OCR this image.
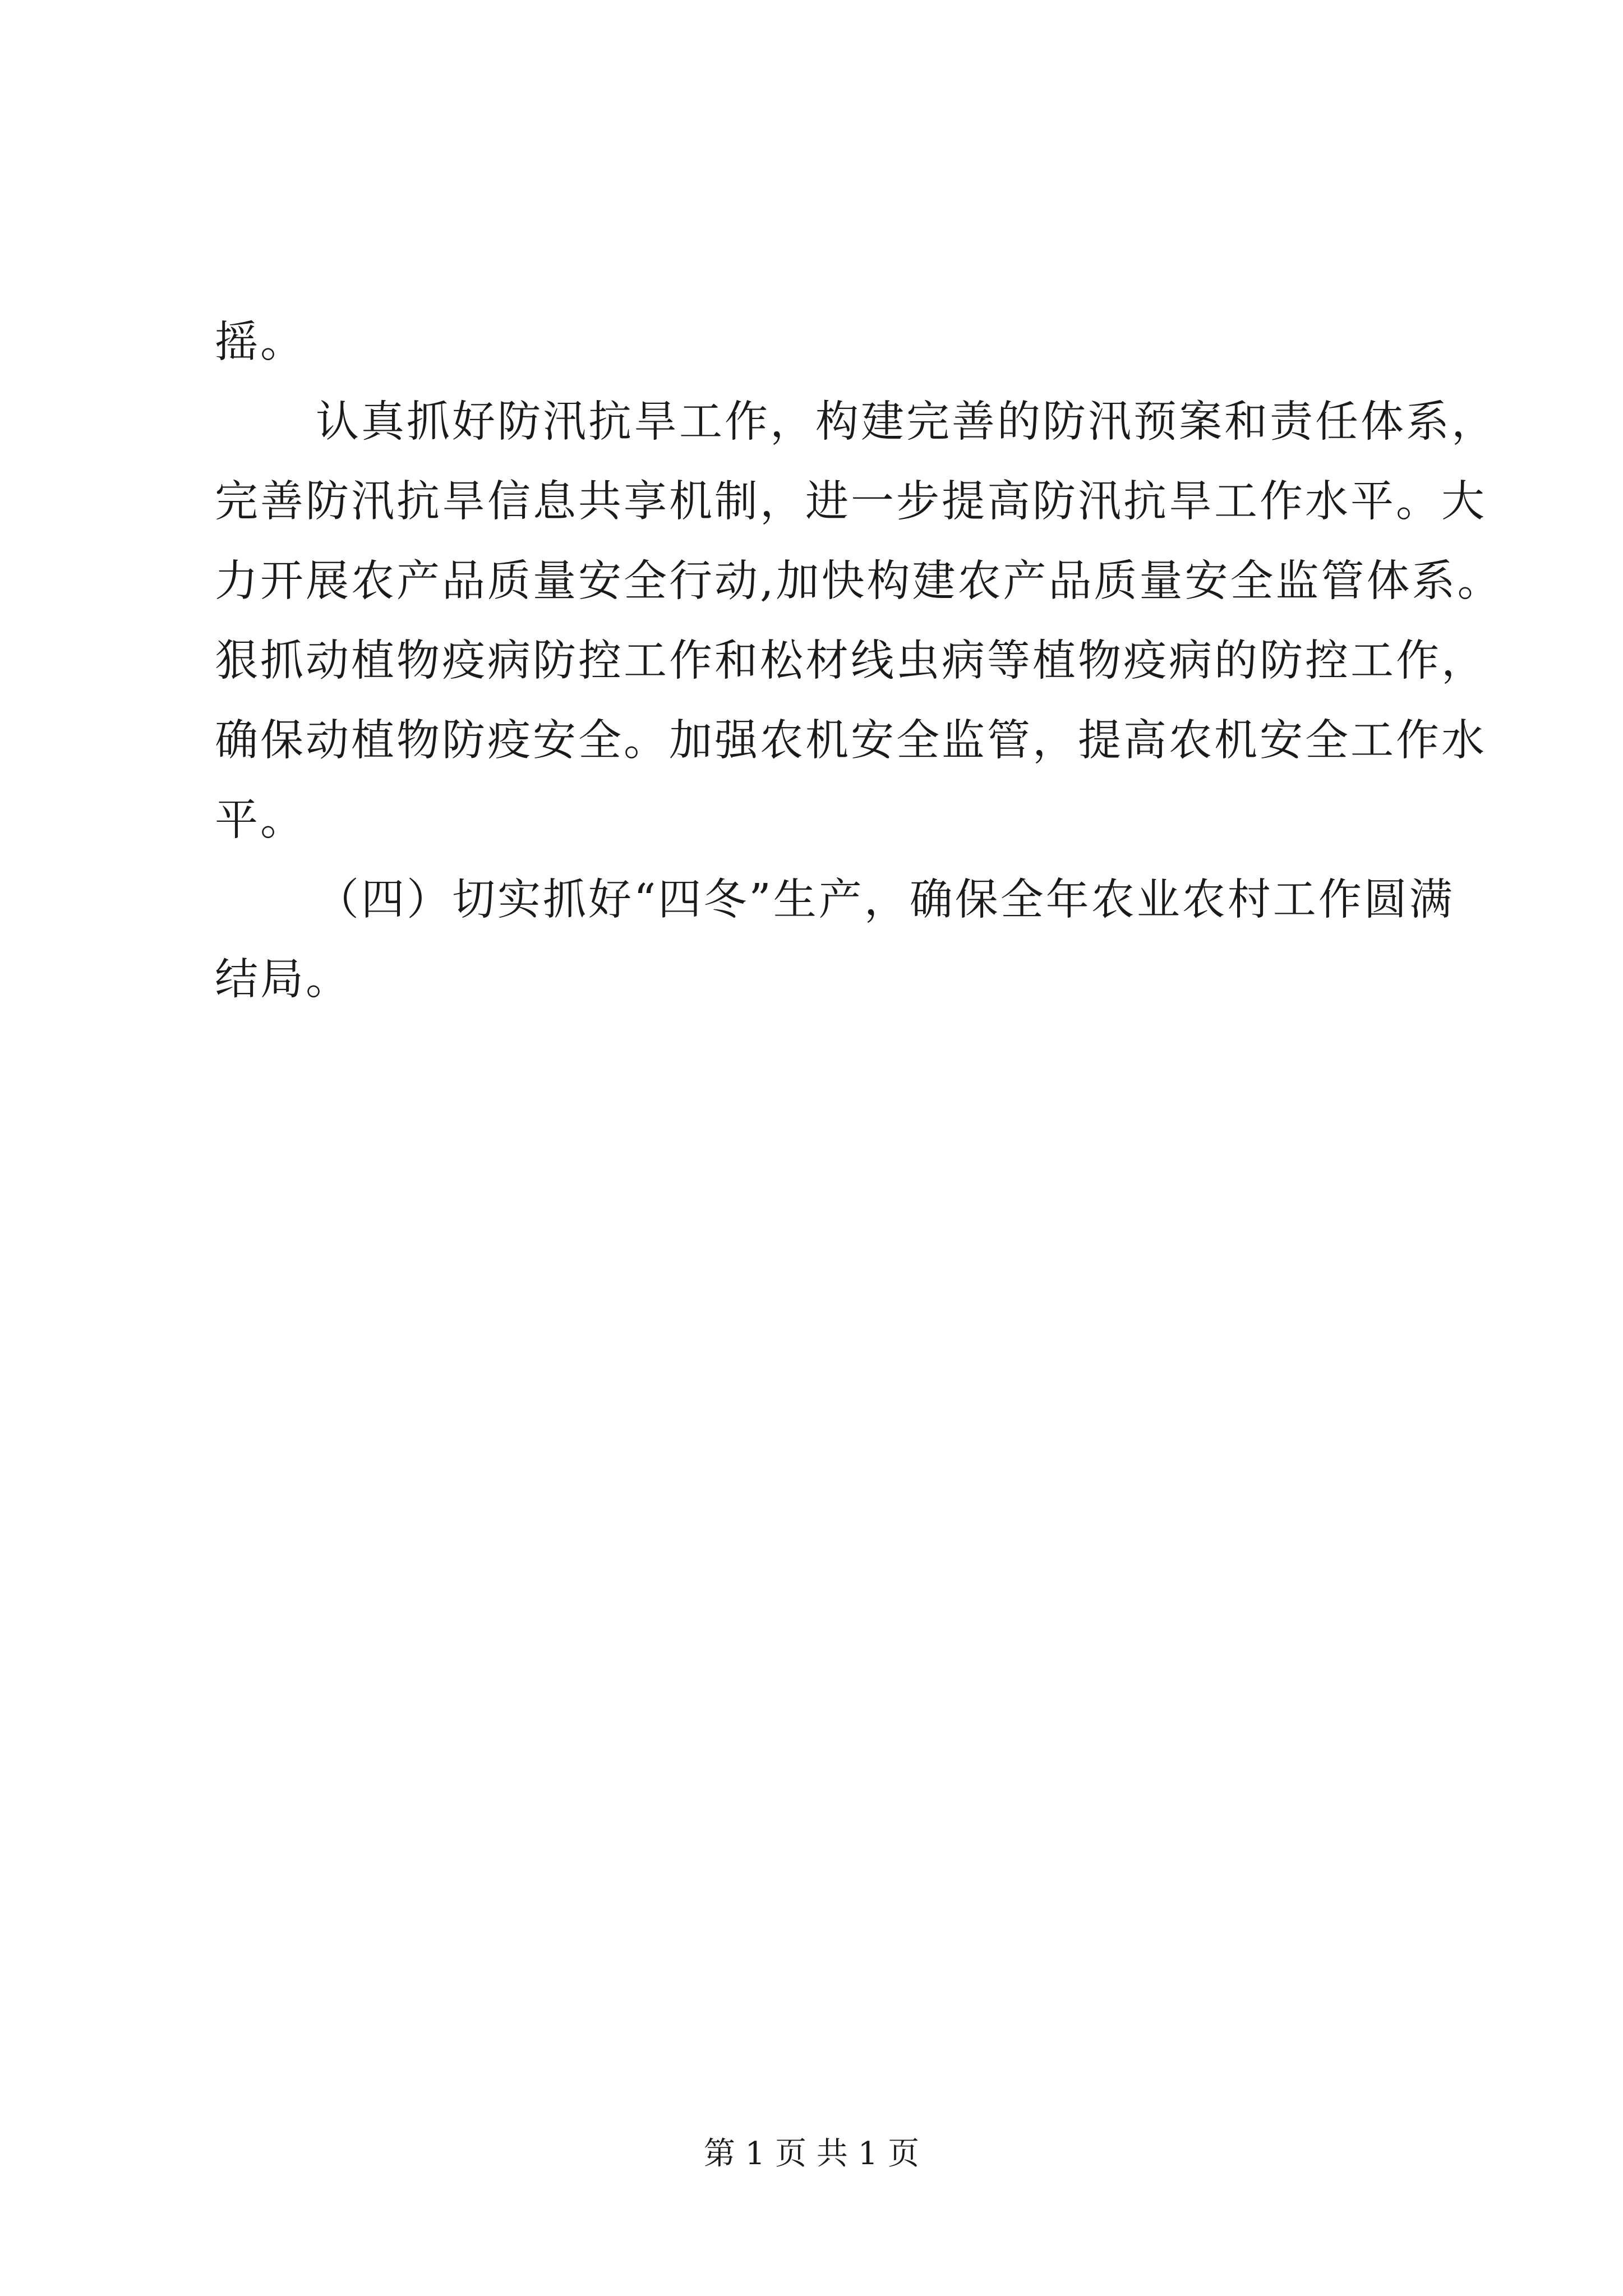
摇。
认真抓好防汛抗旱工作，构建完善的防汛预案和责任体系，
完善防汛抗旱信息共享机制，进一步提高防汛抗旱工作水平。大
力开展农产品质量安全行动,加快构建农产品质量安全监管体系。
狠抓动植物疫病防控工作和松材线虫病等植物疫病的防控工作，
确保动植物防疫安全。加强农机安全监管，提高农机安全工作水
平。
（四）切实抓好“四冬”生产，确保全年农业农村工作圆满
结局。
第 1 页 共 1 页
